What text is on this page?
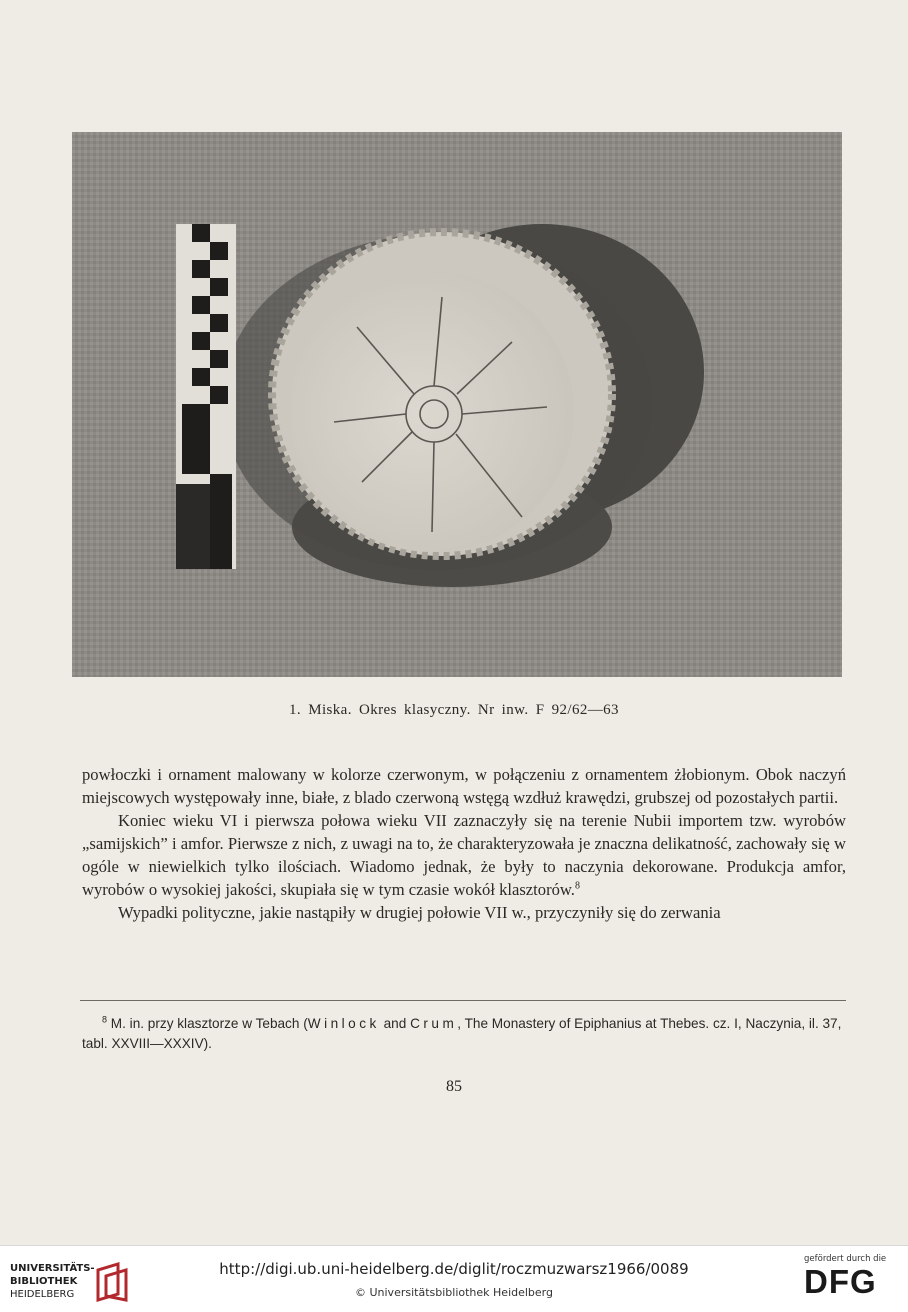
1. Miska. Okres klasyczny. Nr inw. F 92/62—63

powłoczki i ornament malowany w kolorze czerwonym, w połączeniu z ornamentem żłobionym. Obok naczyń miejscowych występowały inne, białe, z blado czerwoną wstęgą wzdłuż krawędzi, grubszej od pozostałych partii.

Koniec wieku VI i pierwsza połowa wieku VII zaznaczyły się na terenie Nubii importem tzw. wyrobów „samijskich” i amfor. Pierwsze z nich, z uwagi na to, że charakteryzowała je znaczna delikatność, zachowały się w ogóle w niewielkich tylko ilościach. Wiadomo jednak, że były to naczynia dekorowane. Produkcja amfor, wyrobów o wysokiej jakości, skupiała się w tym czasie wokół klasztorów.$^8$

Wypadki polityczne, jakie nastąpiły w drugiej połowie VII w., przyczyniły się do zerwania

$^8$ M. in. przy klasztorze w Tebach (Winlock and Crum, The Monastery of Epiphanius at Thebes. cz. I, Naczynia, il. 37, tabl. XXVIII—XXXIV).
85
UNIVERSITÄTS-
BIBLIOTHEK
HEIDELBERG
http://digi.ub.uni-heidelberg.de/diglit/roczmuzwarsz1966/0089
© Universitätsbibliothek Heidelberg
gefördert durch die
DFG
